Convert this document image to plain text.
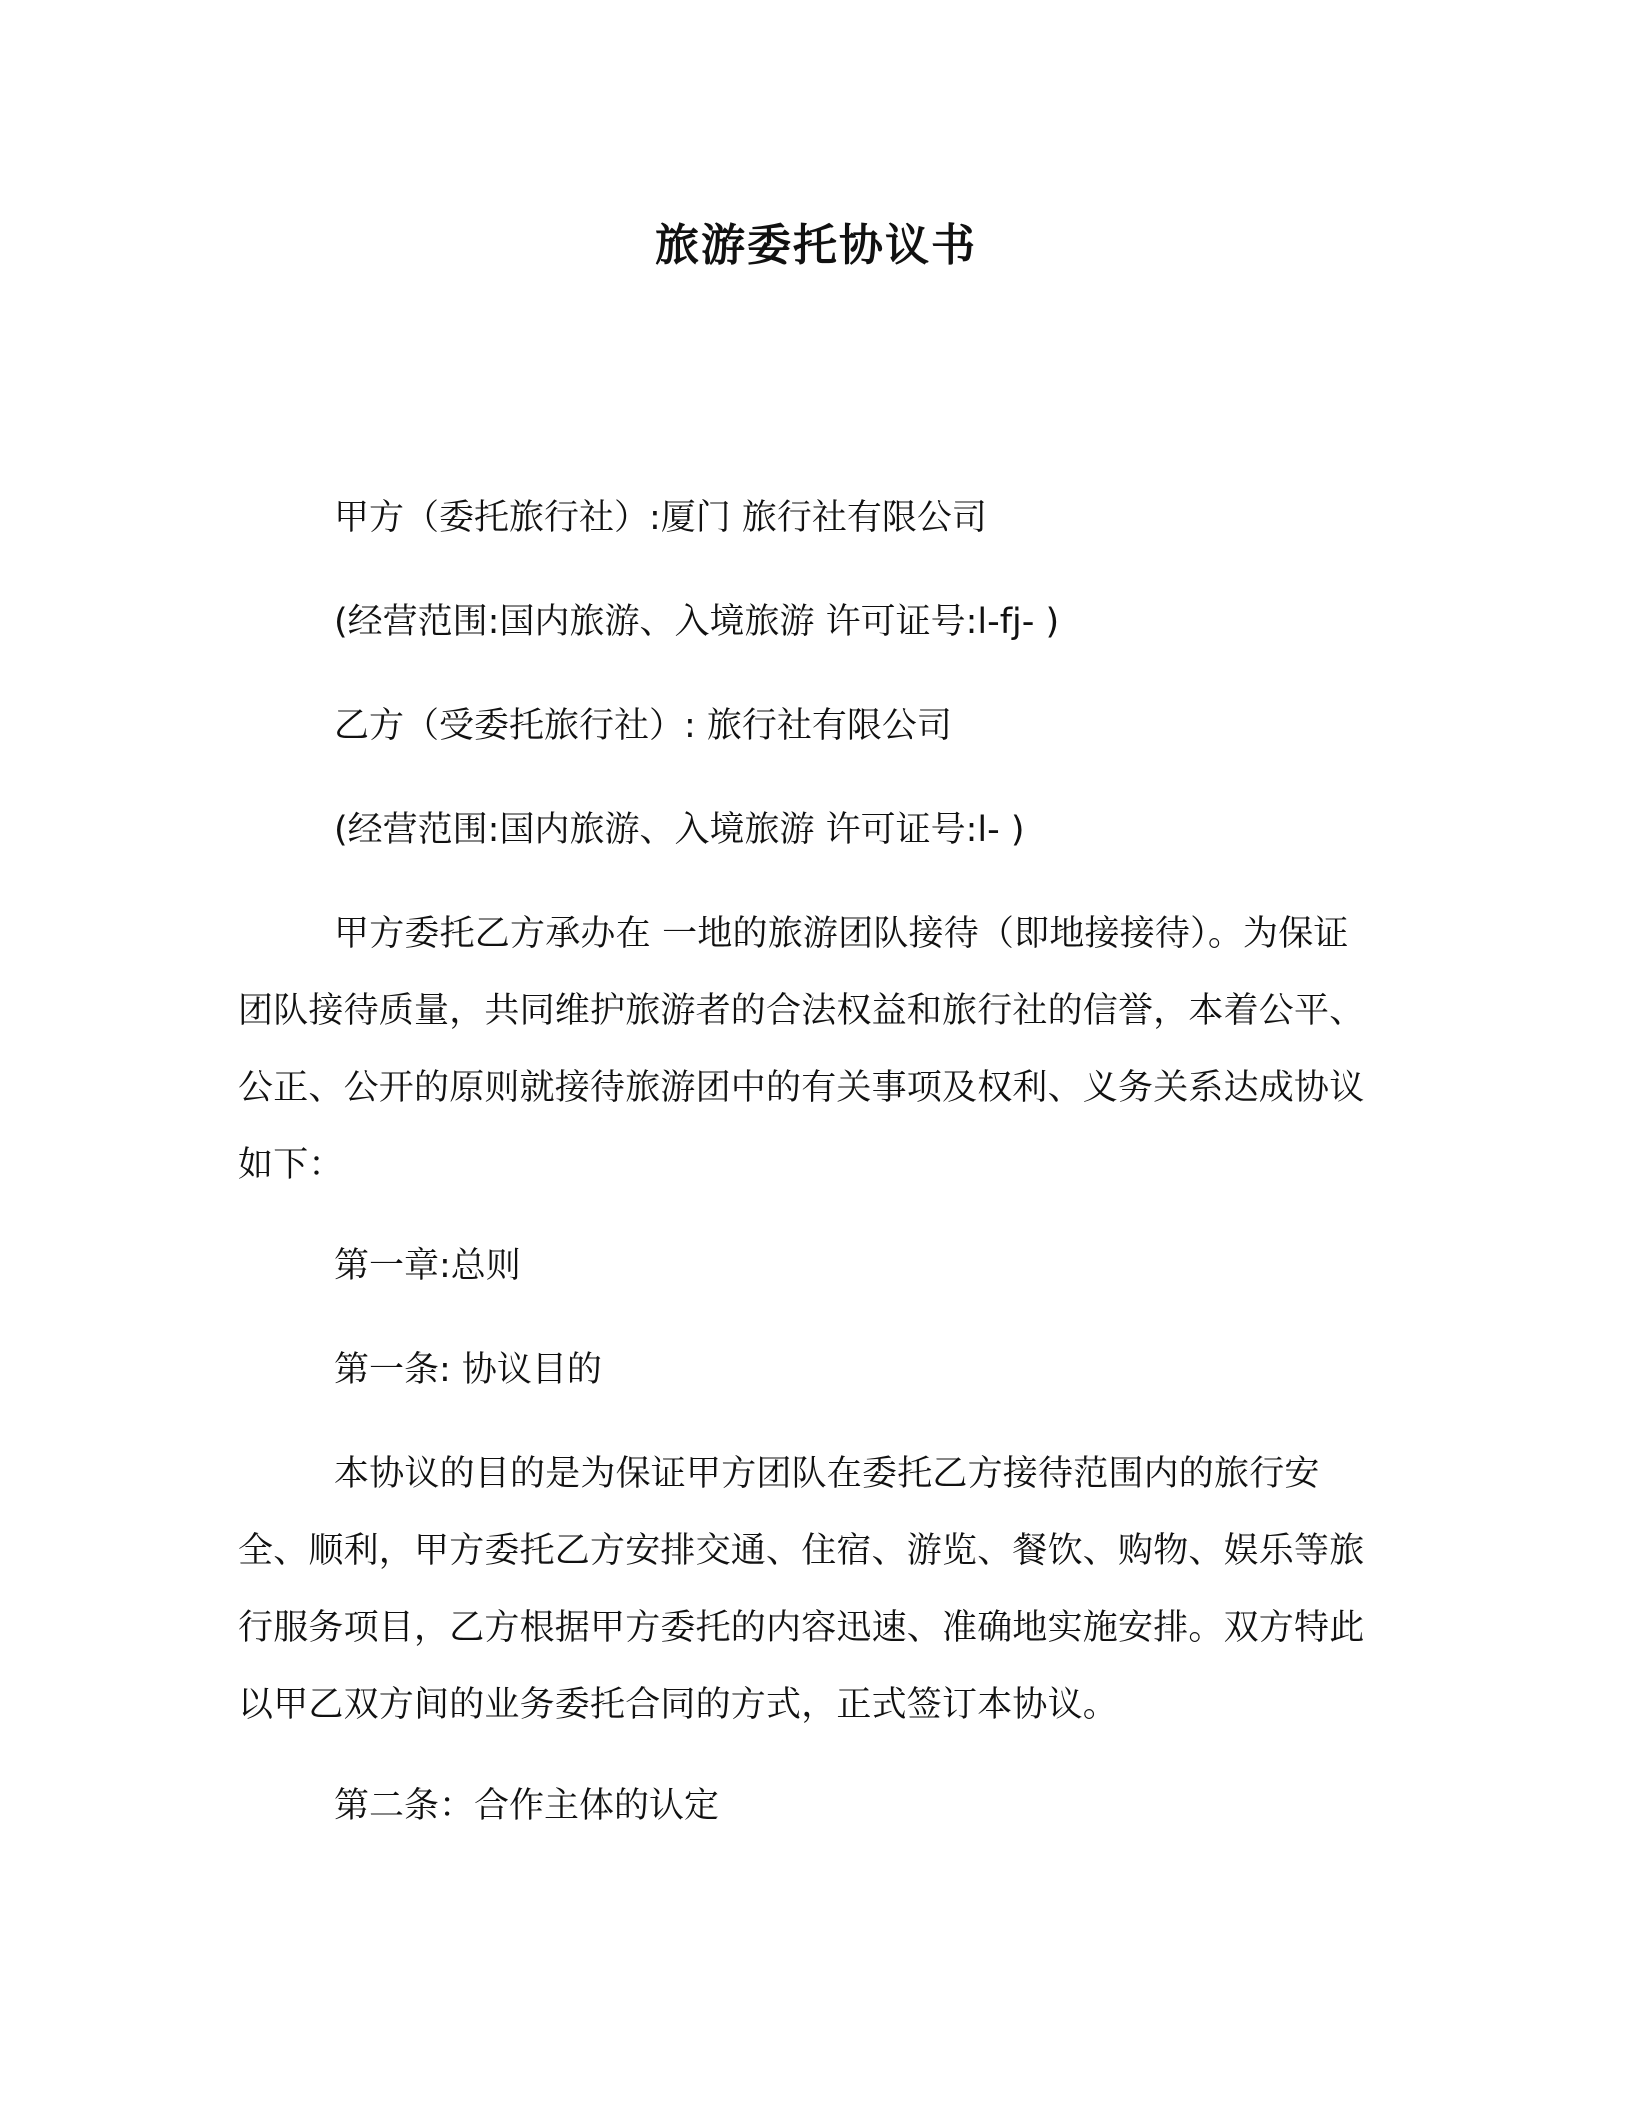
旅游委托协议书
甲方（委托旅行社）:厦门 旅行社有限公司
(经营范围:国内旅游、入境旅游 许可证号:l-fj- )
乙方（受委托旅行社）: 旅行社有限公司
(经营范围:国内旅游、入境旅游 许可证号:l- )
甲方委托乙方承办在 一地的旅游团队接待（即地接接待）。为保证团队接待质量，共同维护旅游者的合法权益和旅行社的信誉，本着公平、公正、公开的原则就接待旅游团中的有关事项及权利、义务关系达成协议如下：
第一章:总则
第一条: 协议目的
本协议的目的是为保证甲方团队在委托乙方接待范围内的旅行安全、顺利，甲方委托乙方安排交通、住宿、游览、餐饮、购物、娱乐等旅行服务项目，乙方根据甲方委托的内容迅速、准确地实施安排。双方特此以甲乙双方间的业务委托合同的方式，正式签订本协议。
第二条：合作主体的认定
